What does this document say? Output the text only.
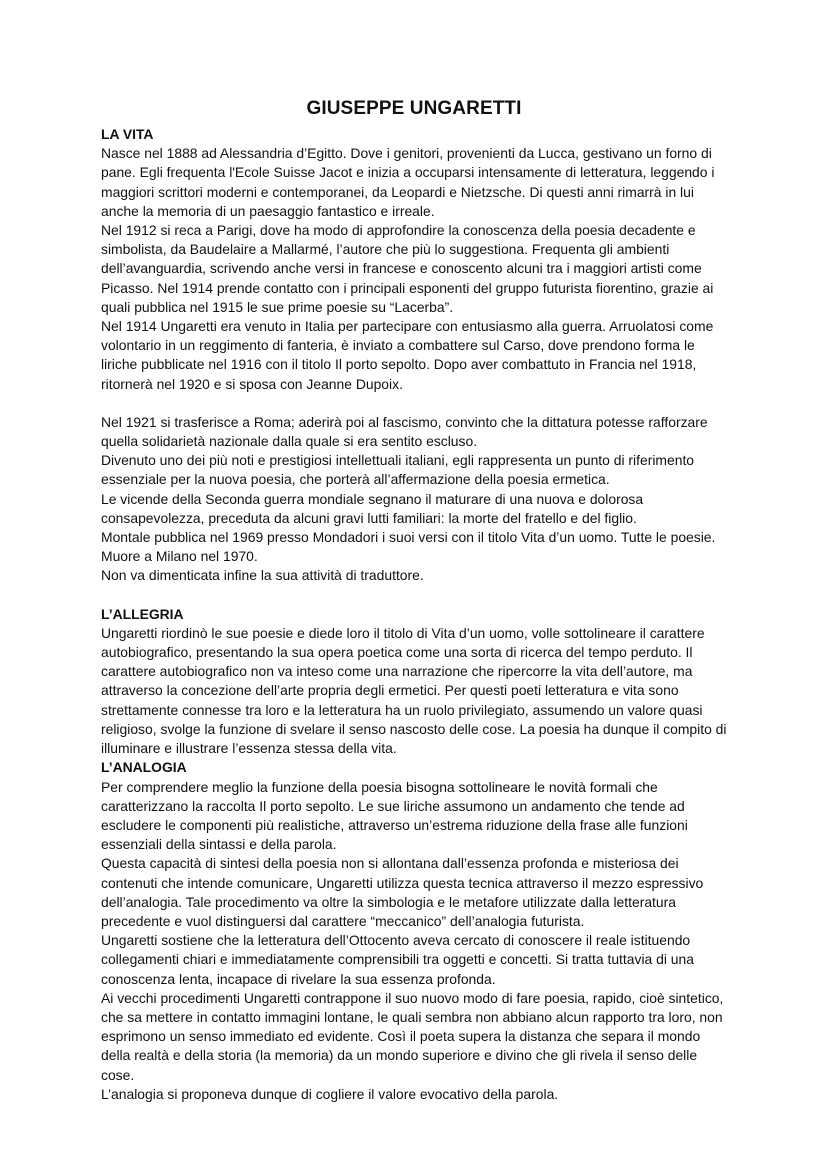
GIUSEPPE UNGARETTI
LA VITA

Nasce nel 1888 ad Alessandria d’Egitto. Dove i genitori, provenienti da Lucca, gestivano un forno di pane. Egli frequenta l'Ecole Suisse Jacot e inizia a occuparsi intensamente di letteratura, leggendo i maggiori scrittori moderni e contemporanei, da Leopardi e Nietzsche. Di questi anni rimarrà in lui anche la memoria di un paesaggio fantastico e irreale.

Nel 1912 si reca a Parigi, dove ha modo di approfondire la conoscenza della poesia decadente e simbolista, da Baudelaire a Mallarmé, l’autore che più lo suggestiona. Frequenta gli ambienti dell’avanguardia, scrivendo anche versi in francese e conoscento alcuni tra i maggiori artisti come Picasso. Nel 1914 prende contatto con i principali esponenti del gruppo futurista fiorentino, grazie ai quali pubblica nel 1915 le sue prime poesie su “Lacerba”.

Nel 1914 Ungaretti era venuto in Italia per partecipare con entusiasmo alla guerra. Arruolatosi come volontario in un reggimento di fanteria, è inviato a combattere sul Carso, dove prendono forma le liriche pubblicate nel 1916 con il titolo Il porto sepolto. Dopo aver combattuto in Francia nel 1918, ritornerà nel 1920 e si sposa con Jeanne Dupoix.

Nel 1921 si trasferisce a Roma; aderirà poi al fascismo, convinto che la dittatura potesse rafforzare quella solidarietà nazionale dalla quale si era sentito escluso.

Divenuto uno dei più noti e prestigiosi intellettuali italiani, egli rappresenta un punto di riferimento essenziale per la nuova poesia, che porterà all’affermazione della poesia ermetica.

Le vicende della Seconda guerra mondiale segnano il maturare di una nuova e dolorosa consapevolezza, preceduta da alcuni gravi lutti familiari: la morte del fratello e del figlio.

Montale pubblica nel 1969 presso Mondadori i suoi versi con il titolo Vita d’un uomo. Tutte le poesie. Muore a Milano nel 1970.

Non va dimenticata infine la sua attività di traduttore.

L’ALLEGRIA

Ungaretti riordinò le sue poesie e diede loro il titolo di Vita d’un uomo, volle sottolineare il carattere autobiografico, presentando la sua opera poetica come una sorta di ricerca del tempo perduto. Il carattere autobiografico non va inteso come una narrazione che ripercorre la vita dell’autore, ma attraverso la concezione dell’arte propria degli ermetici. Per questi poeti letteratura e vita sono strettamente connesse tra loro e la letteratura ha un ruolo privilegiato, assumendo un valore quasi religioso, svolge la funzione di svelare il senso nascosto delle cose. La poesia ha dunque il compito di illuminare e illustrare l’essenza stessa della vita.

L’ANALOGIA

Per comprendere meglio la funzione della poesia bisogna sottolineare le novità formali che caratterizzano la raccolta Il porto sepolto. Le sue liriche assumono un andamento che tende ad escludere le componenti più realistiche, attraverso un’estrema riduzione della frase alle funzioni essenziali della sintassi e della parola.

Questa capacità di sintesi della poesia non si allontana dall’essenza profonda e misteriosa dei contenuti che intende comunicare, Ungaretti utilizza questa tecnica attraverso il mezzo espressivo dell’analogia. Tale procedimento va oltre la simbologia e le metafore utilizzate dalla letteratura precedente e vuol distinguersi dal carattere “meccanico” dell’analogia futurista.

Ungaretti sostiene che la letteratura dell’Ottocento aveva cercato di conoscere il reale istituendo collegamenti chiari e immediatamente comprensibili tra oggetti e concetti. Si tratta tuttavia di una conoscenza lenta, incapace di rivelare la sua essenza profonda.

Ai vecchi procedimenti Ungaretti contrappone il suo nuovo modo di fare poesia, rapido, cioè sintetico, che sa mettere in contatto immagini lontane, le quali sembra non abbiano alcun rapporto tra loro, non esprimono un senso immediato ed evidente. Così il poeta supera la distanza che separa il mondo della realtà e della storia (la memoria) da un mondo superiore e divino che gli rivela il senso delle cose.

L’analogia si proponeva dunque di cogliere il valore evocativo della parola.
